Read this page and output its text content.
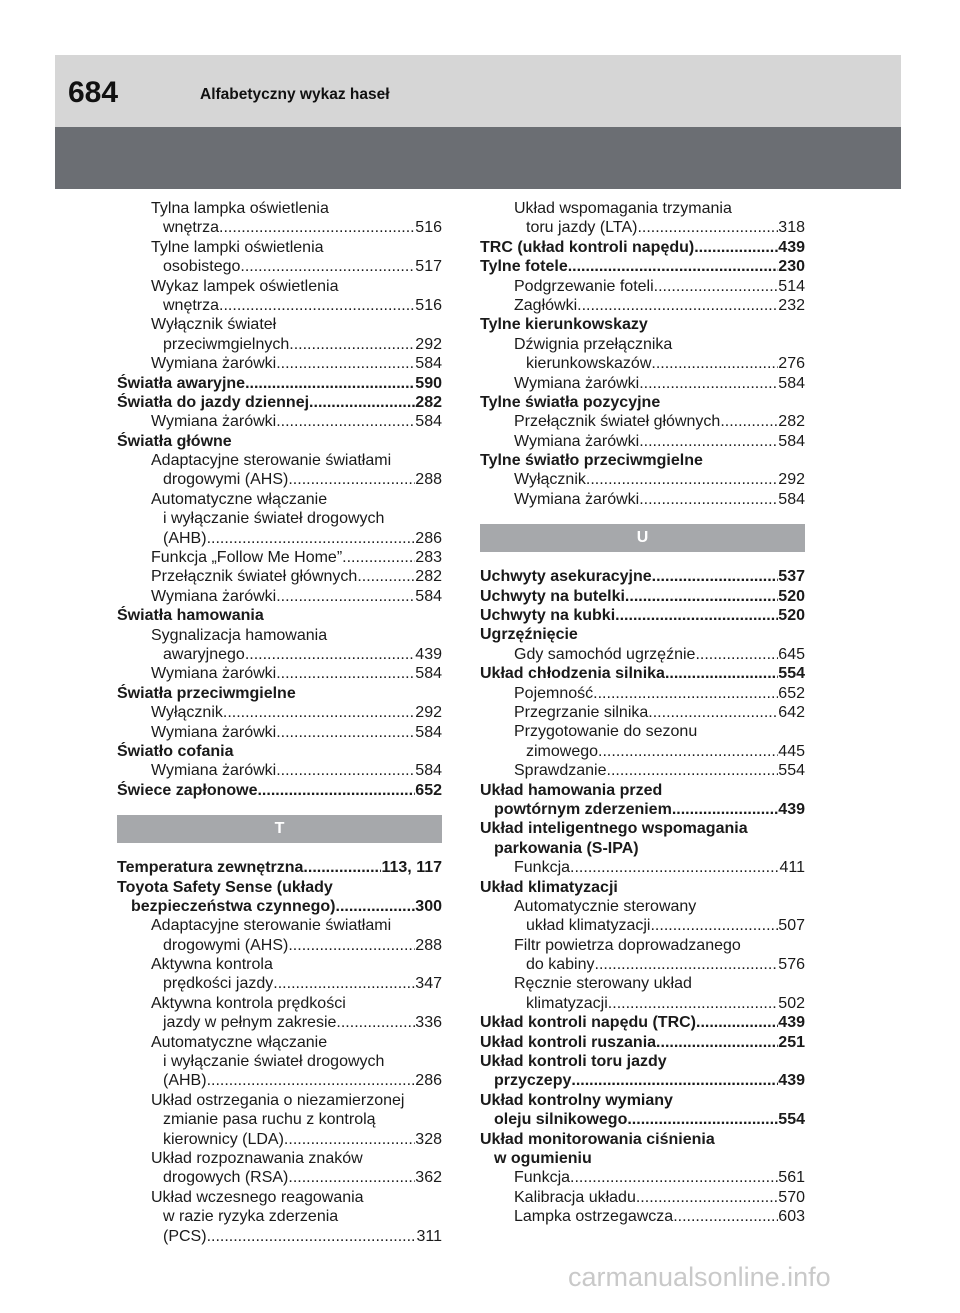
684	Alfabetyczny wykaz haseł
Tylna lampka oświetlenia
wnętrza .....	516
Tylne lampki oświetlenia
osobistego .....	517
Wykaz lampek oświetlenia
wnętrza .....	516
Wyłącznik świateł
przeciwmgielnych .....	292
Wymiana żarówki .....	584
Światła awaryjne .....	590
Światła do jazdy dziennej .....	282
Wymiana żarówki .....	584
Światła główne
Adaptacyjne sterowanie światłami
drogowymi (AHS) .....	288
Automatyczne włączanie
i wyłączanie świateł drogowych
(AHB) .....	286
Funkcja „Follow Me Home” .....	283
Przełącznik świateł głównych .....	282
Wymiana żarówki .....	584
Światła hamowania
Sygnalizacja hamowania
awaryjnego .....	439
Wymiana żarówki .....	584
Światła przeciwmgielne
Wyłącznik .....	292
Wymiana żarówki .....	584
Światło cofania
Wymiana żarówki .....	584
Świece zapłonowe .....	652
T
Temperatura zewnętrzna .....	113, 117
Toyota Safety Sense (układy
bezpieczeństwa czynnego) .....	300
Adaptacyjne sterowanie światłami
drogowymi (AHS) .....	288
Aktywna kontrola
prędkości jazdy .....	347
Aktywna kontrola prędkości
jazdy w pełnym zakresie .....	336
Automatyczne włączanie
i wyłączanie świateł drogowych
(AHB) .....	286
Układ ostrzegania o niezamierzonej
zmianie pasa ruchu z kontrolą
kierownicy (LDA) .....	328
Układ rozpoznawania znaków
drogowych (RSA) .....	362
Układ wczesnego reagowania
w razie ryzyka zderzenia
(PCS) .....	311
Układ wspomagania trzymania
toru jazdy (LTA) .....	318
TRC (układ kontroli napędu) .....	439
Tylne fotele .....	230
Podgrzewanie foteli .....	514
Zagłówki .....	232
Tylne kierunkowskazy
Dźwignia przełącznika
kierunkowskazów .....	276
Wymiana żarówki .....	584
Tylne światła pozycyjne
Przełącznik świateł głównych .....	282
Wymiana żarówki .....	584
Tylne światło przeciwmgielne
Wyłącznik .....	292
Wymiana żarówki .....	584
U
Uchwyty asekuracyjne .....	537
Uchwyty na butelki .....	520
Uchwyty na kubki .....	520
Ugrzęźnięcie
Gdy samochód ugrzęźnie .....	645
Układ chłodzenia silnika .....	554
Pojemność .....	652
Przegrzanie silnika .....	642
Przygotowanie do sezonu
zimowego .....	445
Sprawdzanie .....	554
Układ hamowania przed
powtórnym zderzeniem .....	439
Układ inteligentnego wspomagania
parkowania (S-IPA)
Funkcja .....	411
Układ klimatyzacji
Automatycznie sterowany
układ klimatyzacji .....	507
Filtr powietrza doprowadzanego
do kabiny .....	576
Ręcznie sterowany układ
klimatyzacji .....	502
Układ kontroli napędu (TRC) .....	439
Układ kontroli ruszania .....	251
Układ kontroli toru jazdy
przyczepy .....	439
Układ kontrolny wymiany
oleju silnikowego .....	554
Układ monitorowania ciśnienia
w ogumieniu
Funkcja .....	561
Kalibracja układu .....	570
Lampka ostrzegawcza .....	603
carmanualsonline.info
